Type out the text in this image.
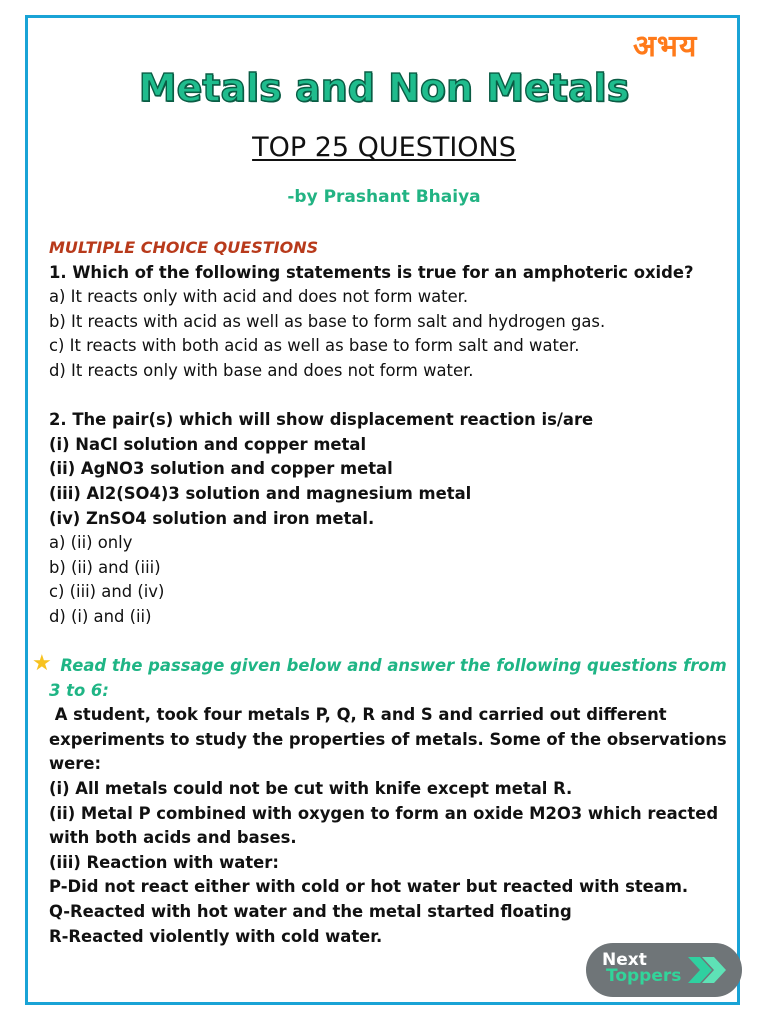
अभय
Metals and Non Metals
TOP 25 QUESTIONS
-by Prashant Bhaiya
MULTIPLE CHOICE QUESTIONS
1. Which of the following statements is true for an amphoteric oxide?
a) It reacts only with acid and does not form water.
b) It reacts with acid as well as base to form salt and hydrogen gas.
c) It reacts with both acid as well as base to form salt and water.
d) It reacts only with base and does not form water.
2. The pair(s) which will show displacement reaction is/are
(i) NaCl solution and copper metal
(ii) AgNO3 solution and copper metal
(iii) Al2(SO4)3 solution and magnesium metal
(iv) ZnSO4 solution and iron metal.
a) (ii) only
b) (ii) and (iii)
c) (iii) and (iv)
d) (i) and (ii)
★ Read the passage given below and answer the following questions from
3 to 6:
A student, took four metals P, Q, R and S and carried out different
experiments to study the properties of metals. Some of the observations
were:
(i) All metals could not be cut with knife except metal R.
(ii) Metal P combined with oxygen to form an oxide M2O3 which reacted
with both acids and bases.
(iii) Reaction with water:
P-Did not react either with cold or hot water but reacted with steam.
Q-Reacted with hot water and the metal started floating
R-Reacted violently with cold water.
Next
Toppers
